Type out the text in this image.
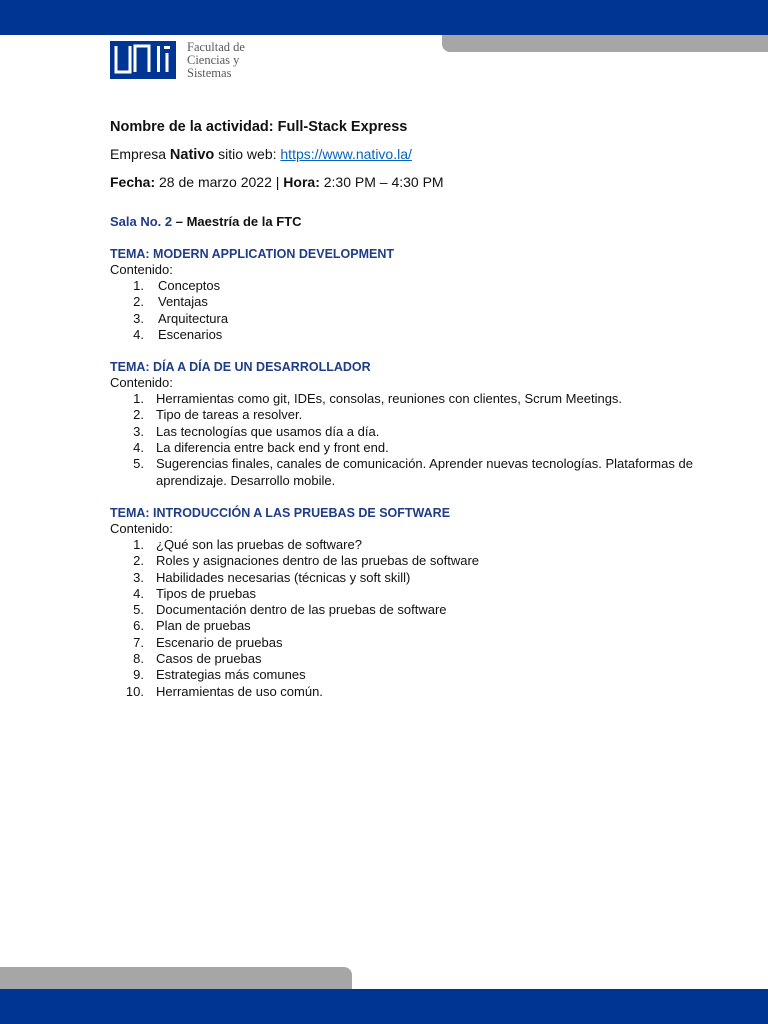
Facultad de
Ciencias y
Sistemas
Nombre de la actividad: Full-Stack Express
Empresa Nativo sitio web: https://www.nativo.la/
Fecha: 28 de marzo 2022 | Hora: 2:30 PM – 4:30 PM
Sala No. 2 – Maestría de la FTC
TEMA: MODERN APPLICATION DEVELOPMENT
Contenido:
1. Conceptos
2. Ventajas
3. Arquitectura
4. Escenarios
TEMA: DÍA A DÍA DE UN DESARROLLADOR
Contenido:
1. Herramientas como git, IDEs, consolas, reuniones con clientes, Scrum Meetings.
2. Tipo de tareas a resolver.
3. Las tecnologías que usamos día a día.
4. La diferencia entre back end y front end.
5. Sugerencias finales, canales de comunicación. Aprender nuevas tecnologías. Plataformas de aprendizaje. Desarrollo mobile.
TEMA: INTRODUCCIÓN A LAS PRUEBAS DE SOFTWARE
Contenido:
1. ¿Qué son las pruebas de software?
2. Roles y asignaciones dentro de las pruebas de software
3. Habilidades necesarias (técnicas y soft skill)
4. Tipos de pruebas
5. Documentación dentro de las pruebas de software
6. Plan de pruebas
7. Escenario de pruebas
8. Casos de pruebas
9. Estrategias más comunes
10. Herramientas de uso común.
